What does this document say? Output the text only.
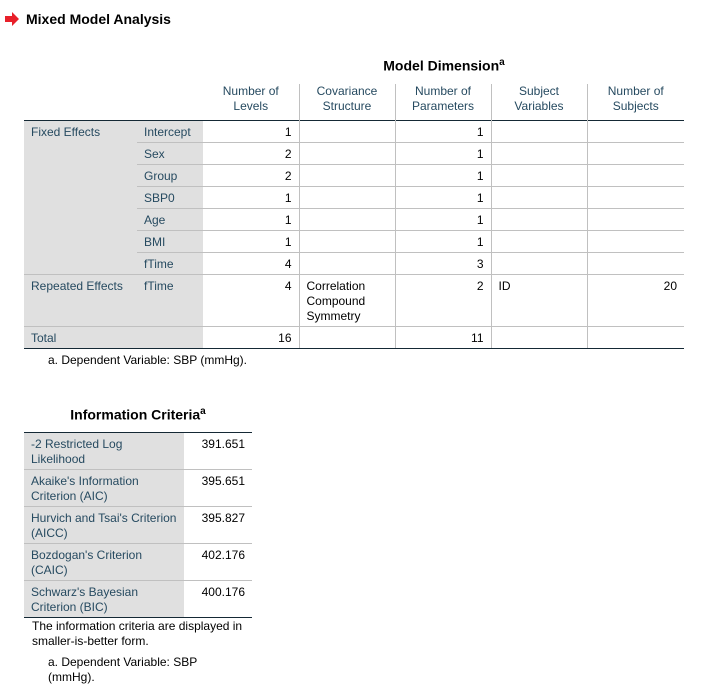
Mixed Model Analysis
Model Dimension$^a$
		Number of Levels	Covariance Structure	Number of Parameters	Subject Variables	Number of Subjects
Fixed Effects	Intercept	1		1		
	Sex	2		1		
	Group	2		1		
	SBP0	1		1		
	Age	1		1		
	BMI	1		1		
	fTime	4		3		
Repeated Effects	fTime	4	Correlation Compound Symmetry	2	ID	20
Total		16		11		
a. Dependent Variable: SBP (mmHg).
Information Criteria$^a$
-2 Restricted Log Likelihood	391.651
Akaike's Information Criterion (AIC)	395.651
Hurvich and Tsai's Criterion (AICC)	395.827
Bozdogan's Criterion (CAIC)	402.176
Schwarz's Bayesian Criterion (BIC)	400.176
The information criteria are displayed in smaller-is-better form.
a. Dependent Variable: SBP (mmHg).
